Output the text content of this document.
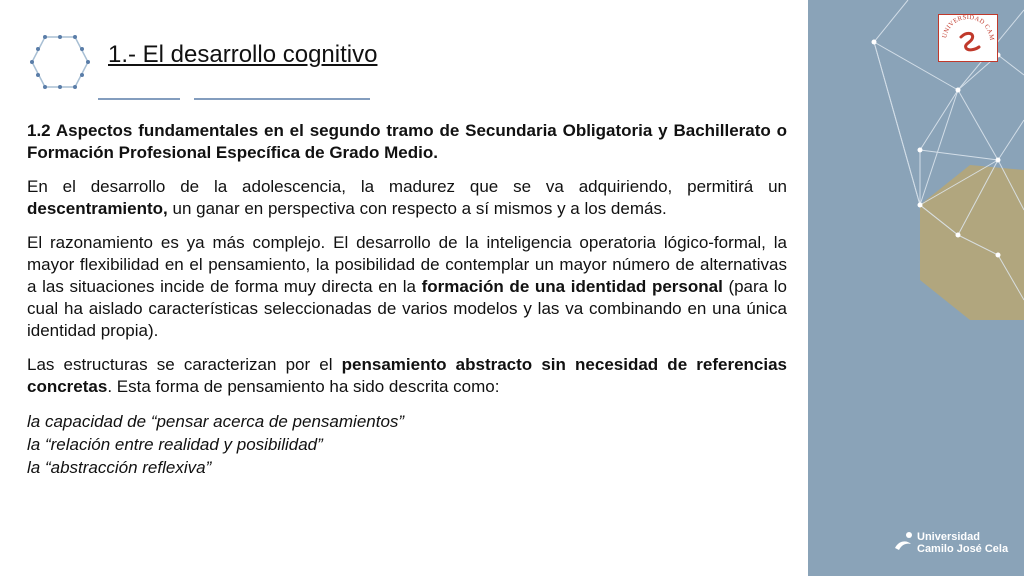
1.- El desarrollo cognitivo

1.2 Aspectos fundamentales en el segundo tramo de Secundaria Obligatoria y Bachillerato o Formación Profesional Específica de Grado Medio.

En el desarrollo de la adolescencia, la madurez que se va adquiriendo, permitirá un descentramiento, un ganar en perspectiva con respecto a sí mismos y a los demás.

El razonamiento es ya más complejo. El desarrollo de la inteligencia operatoria lógico-formal, la mayor flexibilidad en el pensamiento, la posibilidad de contemplar un mayor número de alternativas a las situaciones incide de forma muy directa en la formación de una identidad personal (para lo cual ha aislado características seleccionadas de varios modelos y las va combinando en una única identidad propia).

Las estructuras se caracterizan por el pensamiento abstracto sin necesidad de referencias concretas. Esta forma de pensamiento ha sido descrita como:

la capacidad de “pensar acerca de pensamientos”
la “relación entre realidad y posibilidad”
la “abstracción reflexiva”
UNIVERSIDAD CAM
Universidad
Camilo José Cela
